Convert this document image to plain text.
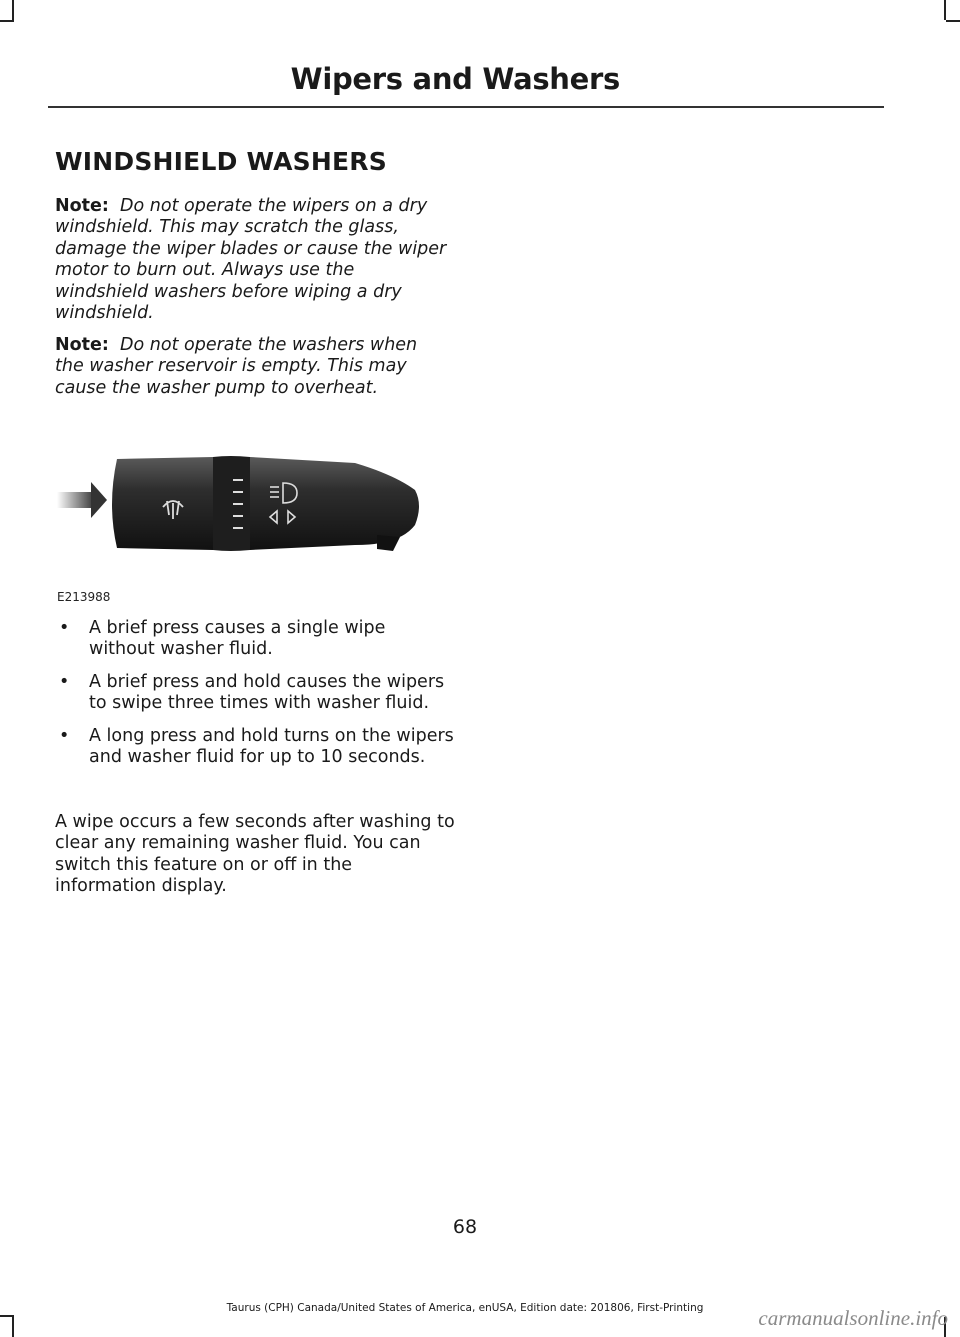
Wipers and Washers
WINDSHIELD WASHERS
Note: Do not operate the wipers on a dry windshield. This may scratch the glass, damage the wiper blades or cause the wiper motor to burn out. Always use the windshield washers before wiping a dry windshield.
Note: Do not operate the washers when the washer reservoir is empty. This may cause the washer pump to overheat.
E213988
• A brief press causes a single wipe without washer fluid.
• A brief press and hold causes the wipers to swipe three times with washer fluid.
• A long press and hold turns on the wipers and washer fluid for up to 10 seconds.
A wipe occurs a few seconds after washing to clear any remaining washer fluid. You can switch this feature on or off in the information display.
68
Taurus (CPH) Canada/United States of America, enUSA, Edition date: 201806, First-Printing	carmanualsonline.info
